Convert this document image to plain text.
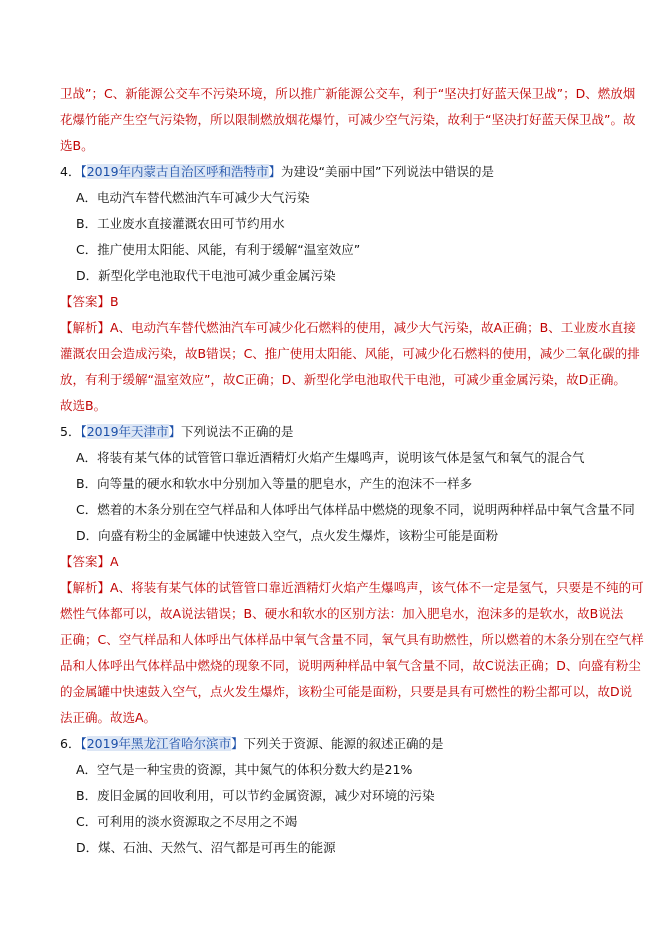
卫战”；C、新能源公交车不污染环境，所以推广新能源公交车，利于“坚决打好蓝天保卫战”；D、燃放烟
花爆竹能产生空气污染物，所以限制燃放烟花爆竹，可减少空气污染，故利于“坚决打好蓝天保卫战”。故
选B。
4．【2019年内蒙古自治区呼和浩特市】为建设“美丽中国”下列说法中错误的是
A．电动汽车替代燃油汽车可减少大气污染
B．工业废水直接灌溉农田可节约用水
C．推广使用太阳能、风能，有利于缓解“温室效应”
D．新型化学电池取代干电池可减少重金属污染
【答案】B
【解析】A、电动汽车替代燃油汽车可减少化石燃料的使用，减少大气污染，故A正确；B、工业废水直接
灌溉农田会造成污染，故B错误；C、推广使用太阳能、风能，可减少化石燃料的使用，减少二氧化碳的排
放，有利于缓解“温室效应”，故C正确；D、新型化学电池取代干电池，可减少重金属污染，故D正确。
故选B。
5．【2019年天津市】下列说法不正确的是
A．将装有某气体的试管管口靠近酒精灯火焰产生爆鸣声，说明该气体是氢气和氧气的混合气
B．向等量的硬水和软水中分别加入等量的肥皂水，产生的泡沫不一样多
C．燃着的木条分别在空气样品和人体呼出气体样品中燃烧的现象不同，说明两种样品中氧气含量不同
D．向盛有粉尘的金属罐中快速鼓入空气，点火发生爆炸，该粉尘可能是面粉
【答案】A
【解析】A、将装有某气体的试管管口靠近酒精灯火焰产生爆鸣声，该气体不一定是氢气，只要是不纯的可
燃性气体都可以，故A说法错误；B、硬水和软水的区别方法：加入肥皂水，泡沫多的是软水，故B说法
正确；C、空气样品和人体呼出气体样品中氧气含量不同，氧气具有助燃性，所以燃着的木条分别在空气样
品和人体呼出气体样品中燃烧的现象不同，说明两种样品中氧气含量不同，故C说法正确；D、向盛有粉尘
的金属罐中快速鼓入空气，点火发生爆炸，该粉尘可能是面粉，只要是具有可燃性的粉尘都可以，故D说
法正确。故选A。
6．【2019年黑龙江省哈尔滨市】下列关于资源、能源的叙述正确的是
A．空气是一种宝贵的资源，其中氮气的体积分数大约是21%
B．废旧金属的回收利用，可以节约金属资源，减少对环境的污染
C．可利用的淡水资源取之不尽用之不竭
D．煤、石油、天然气、沼气都是可再生的能源
